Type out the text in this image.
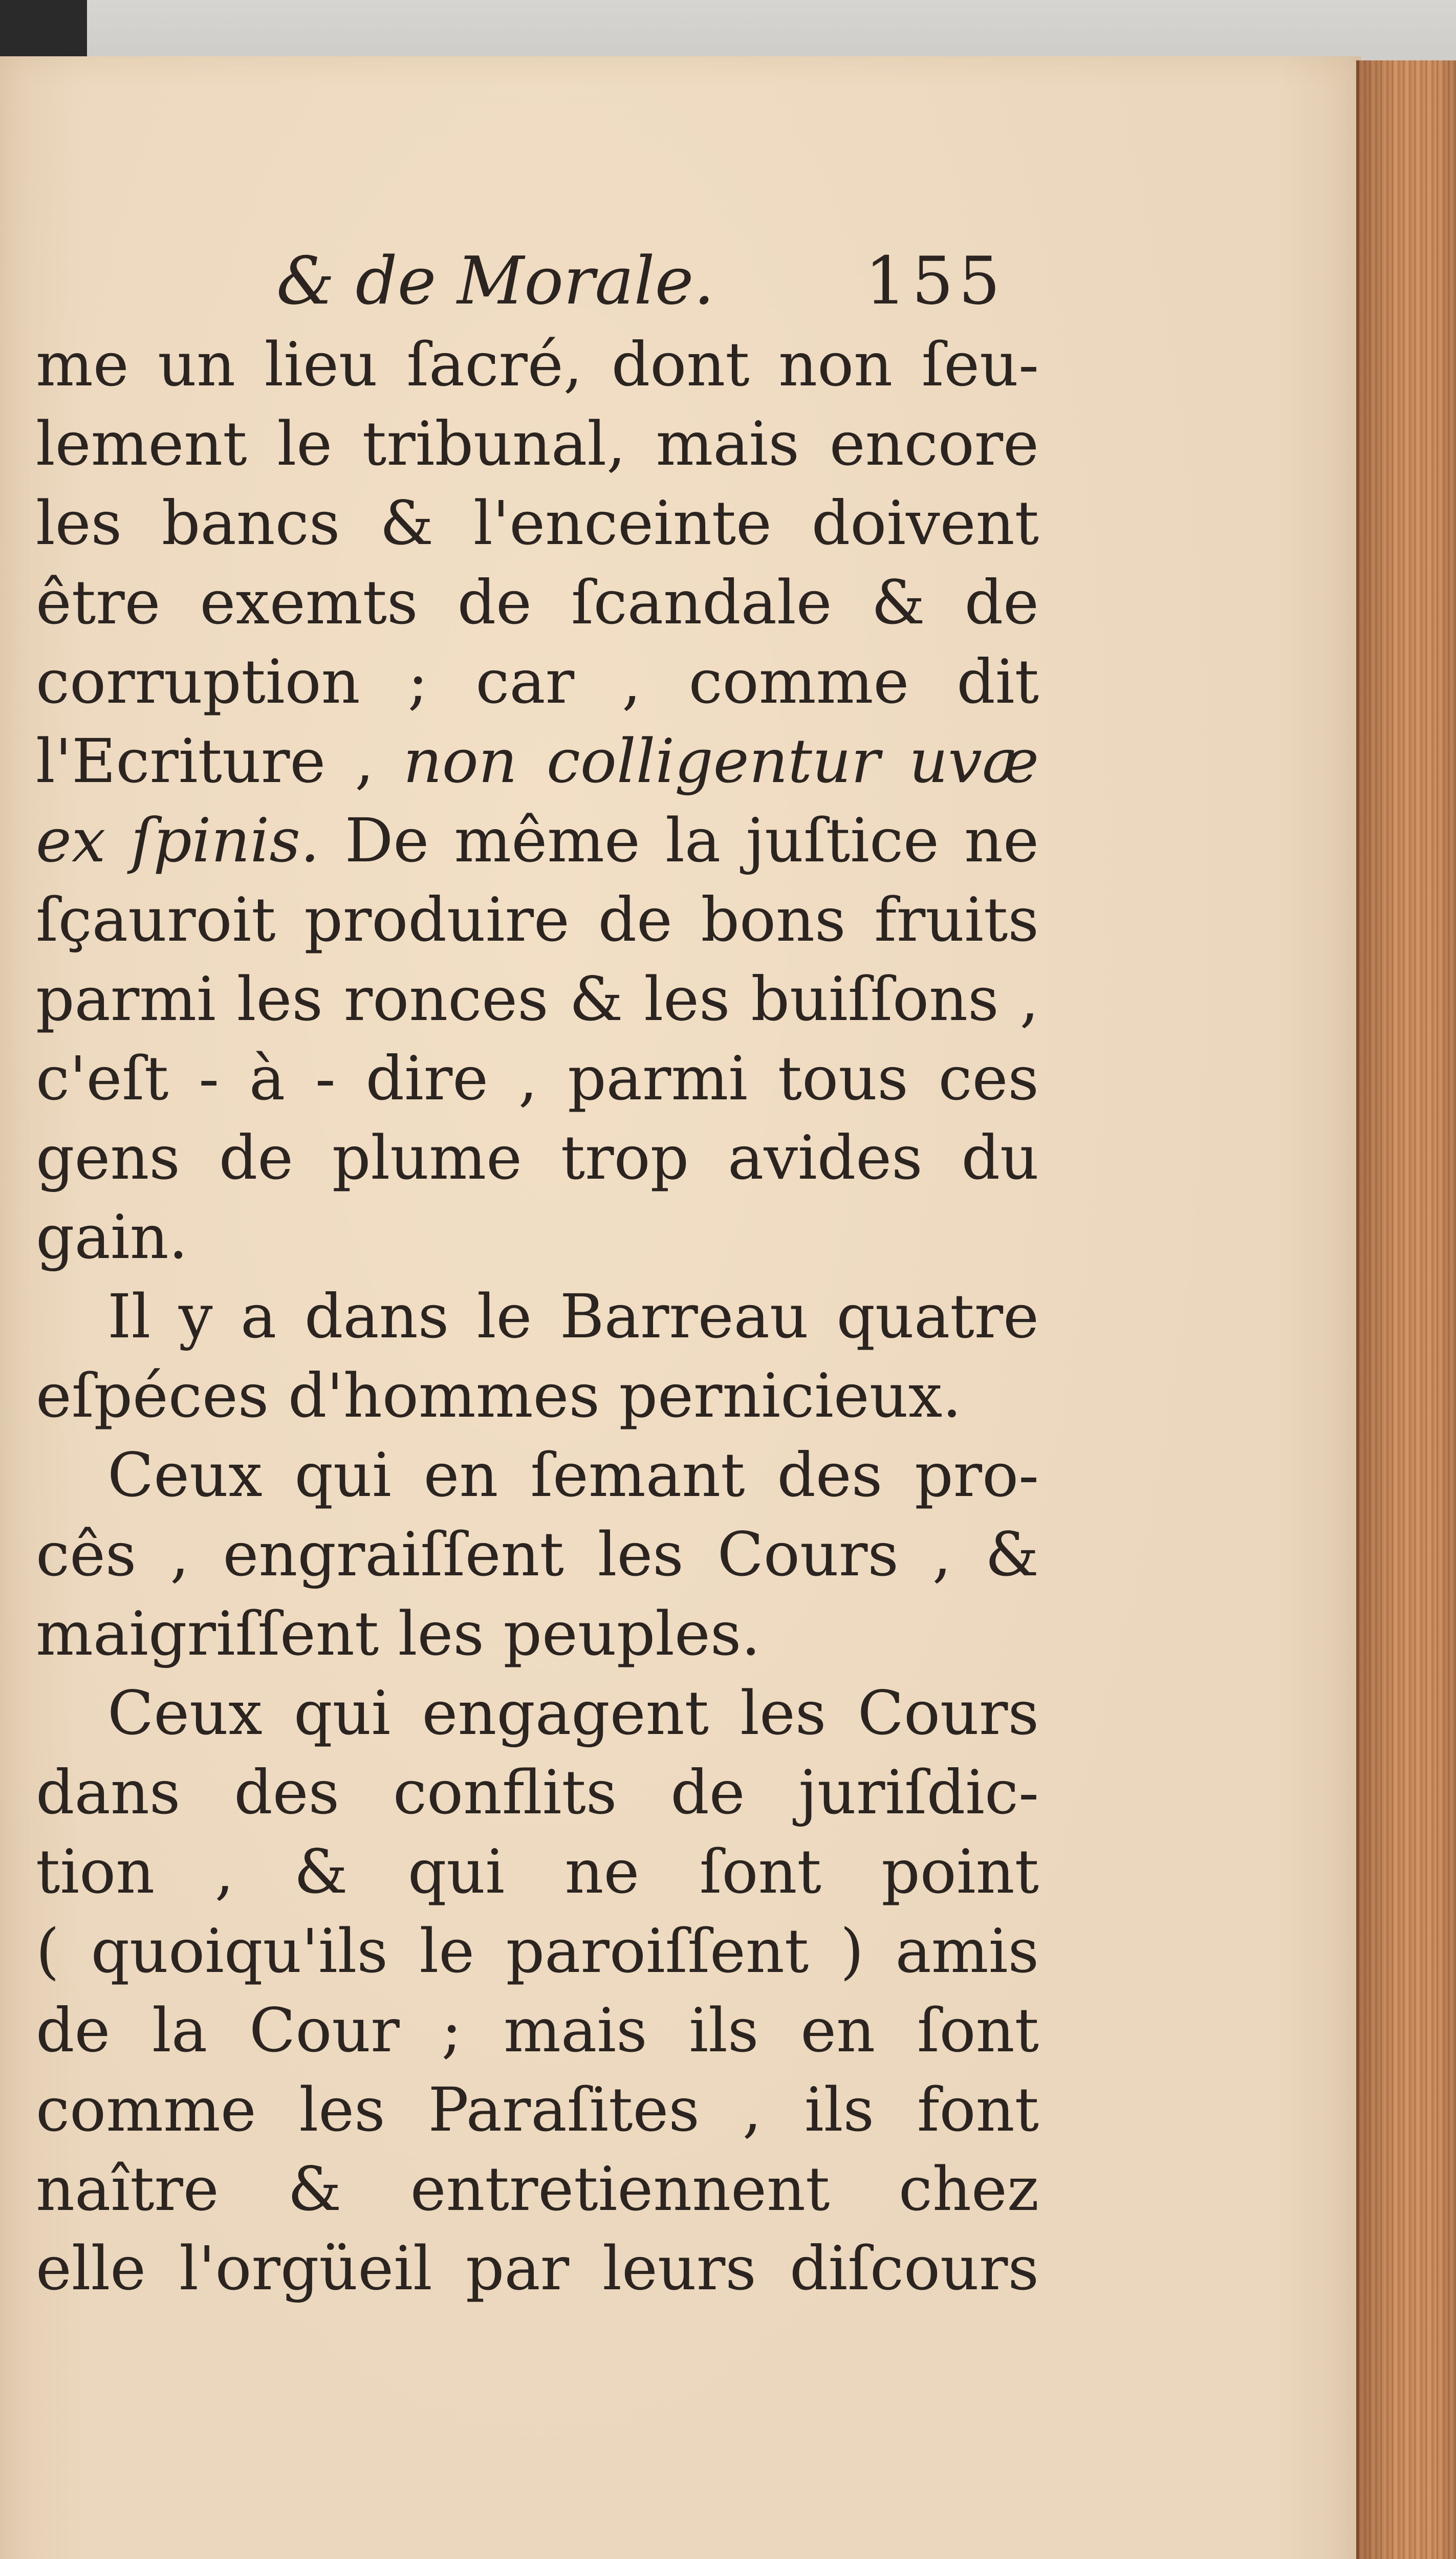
& de Morale. 155
me un lieu ſacré, dont non ſeu-
lement le tribunal, mais encore
les bancs & l'enceinte doivent
être exemts de ſcandale & de
corruption ; car , comme dit
l'Ecriture , non colligentur uvæ
ex ſpinis. De même la juſtice ne
ſçauroit produire de bons fruits
parmi les ronces & les buiſſons ,
c'eſt - à - dire , parmi tous ces
gens de plume trop avides du
gain.
Il y a dans le Barreau quatre
eſpéces d'hommes pernicieux.
Ceux qui en ſemant des pro-
cês , engraiſſent les Cours , &
maigriſſent les peuples.
Ceux qui engagent les Cours
dans des conflits de juriſdic-
tion , & qui ne ſont point
( quoiqu'ils le paroiſſent ) amis
de la Cour ; mais ils en ſont
comme les Paraſites , ils font
naître & entretiennent chez
elle l'orgüeil par leurs diſcours
